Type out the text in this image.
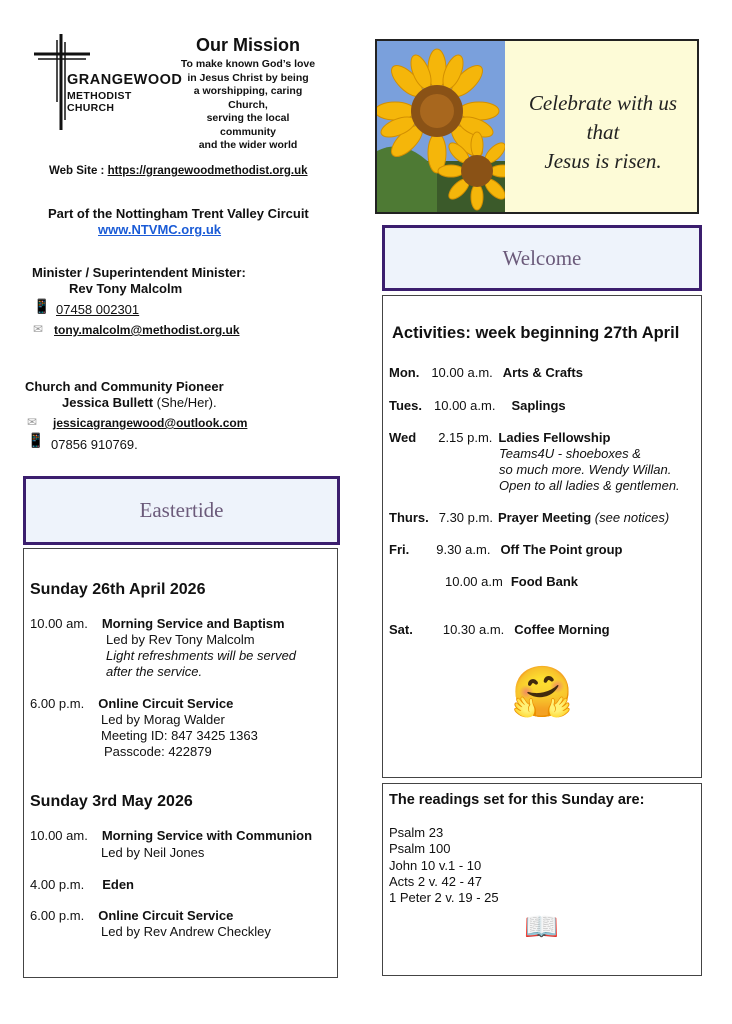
GRANGEWOOD
METHODIST CHURCH
Our Mission
To make known God’s love
in Jesus Christ by being
a worshipping, caring
Church,
serving the local
community
and the wider world
Web Site : https://grangewoodmethodist.org.uk
Part of the Nottingham Trent Valley Circuit
www.NTVMC.org.uk
Minister / Superintendent Minister:
Rev Tony Malcolm
📱 07458 002301
✉ tony.malcolm@methodist.org.uk
Church and Community Pioneer
Jessica Bullett (She/Her).
✉ jessicagrangewood@outlook.com
📱 07856 910769.
Celebrate with us
that
Jesus is risen.
Welcome
Activities: week beginning 27th April
Mon. 10.00 a.m. Arts & Crafts
Tues. 10.00 a.m. Saplings
Wed 2.15 p.m. Ladies Fellowship
Teams4U - shoeboxes &
so much more. Wendy Willan.
Open to all ladies & gentlemen.
Thurs. 7.30 p.m. Prayer Meeting (see notices)
Fri. 9.30 a.m. Off The Point group
10.00 a.m Food Bank
Sat. 10.30 a.m. Coffee Morning
🤗
The readings set for this Sunday are:
Psalm 23
Psalm 100
John 10 v.1 - 10
Acts 2 v. 42 - 47
1 Peter 2 v. 19 - 25
📖
Eastertide
Sunday 26th April 2026
10.00 am. Morning Service and Baptism
Led by Rev Tony Malcolm
Light refreshments will be served
after the service.
6.00 p.m. Online Circuit Service
Led by Morag Walder
Meeting ID: 847 3425 1363
Passcode: 422879
Sunday 3rd May 2026
10.00 am. Morning Service with Communion
Led by Neil Jones
4.00 p.m. Eden
6.00 p.m. Online Circuit Service
Led by Rev Andrew Checkley
